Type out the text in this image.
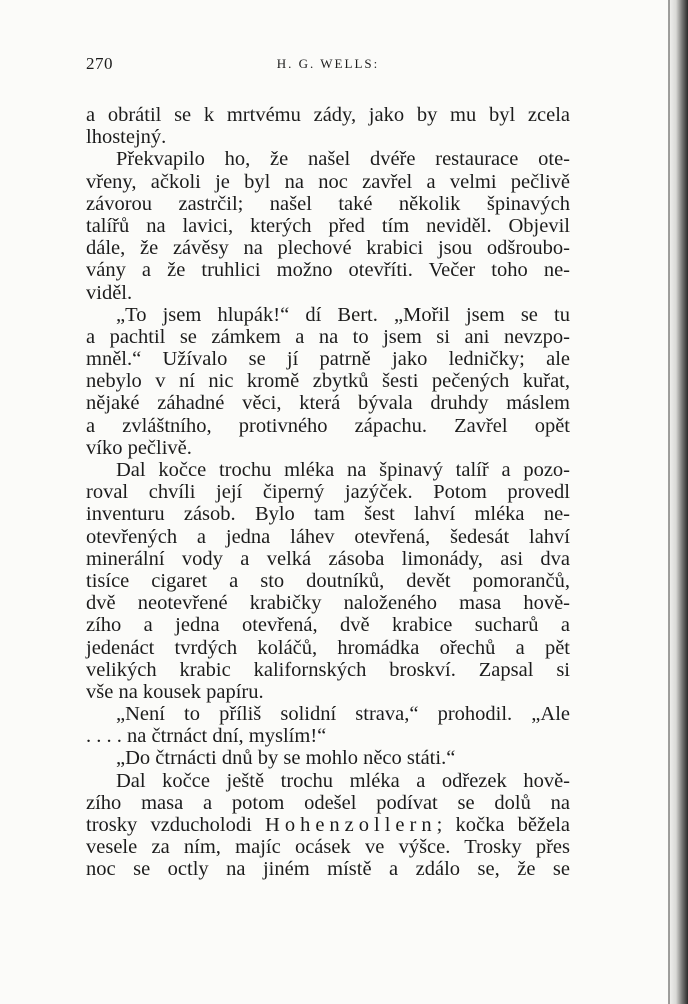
270	H. G. WELLS:
a obrátil se k mrtvému zády, jako by mu byl zcela
lhostejný.
Překvapilo ho, že našel dvéře restaurace ote-
vřeny, ačkoli je byl na noc zavřel a velmi pečlivě
závorou zastrčil; našel také několik špinavých
talířů na lavici, kterých před tím neviděl. Objevil
dále, že závěsy na plechové krabici jsou odšroubo-
vány a že truhlici možno otevříti. Večer toho ne-
viděl.
„To jsem hlupák!“ dí Bert. „Mořil jsem se tu
a pachtil se zámkem a na to jsem si ani nevzpo-
mněl.“ Užívalo se jí patrně jako ledničky; ale
nebylo v ní nic kromě zbytků šesti pečených kuřat,
nějaké záhadné věci, která bývala druhdy máslem
a zvláštního, protivného zápachu. Zavřel opět
víko pečlivě.
Dal kočce trochu mléka na špinavý talíř a pozo-
roval chvíli její čiperný jazýček. Potom provedl
inventuru zásob. Bylo tam šest lahví mléka ne-
otevřených a jedna láhev otevřená, šedesát lahví
minerální vody a velká zásoba limonády, asi dva
tisíce cigaret a sto doutníků, devět pomorančů,
dvě neotevřené krabičky naloženého masa hově-
zího a jedna otevřená, dvě krabice sucharů a
jedenáct tvrdých koláčů, hromádka ořechů a pět
velikých krabic kalifornských broskví. Zapsal si
vše na kousek papíru.
„Není to příliš solidní strava,“ prohodil. „Ale
. . . . na čtrnáct dní, myslím!“
„Do čtrnácti dnů by se mohlo něco státi.“
Dal kočce ještě trochu mléka a odřezek hově-
zího masa a potom odešel podívat se dolů na
trosky vzducholodi Hohenzollern; kočka běžela
vesele za ním, majíc ocásek ve výšce. Trosky přes
noc se octly na jiném místě a zdálo se, že se
